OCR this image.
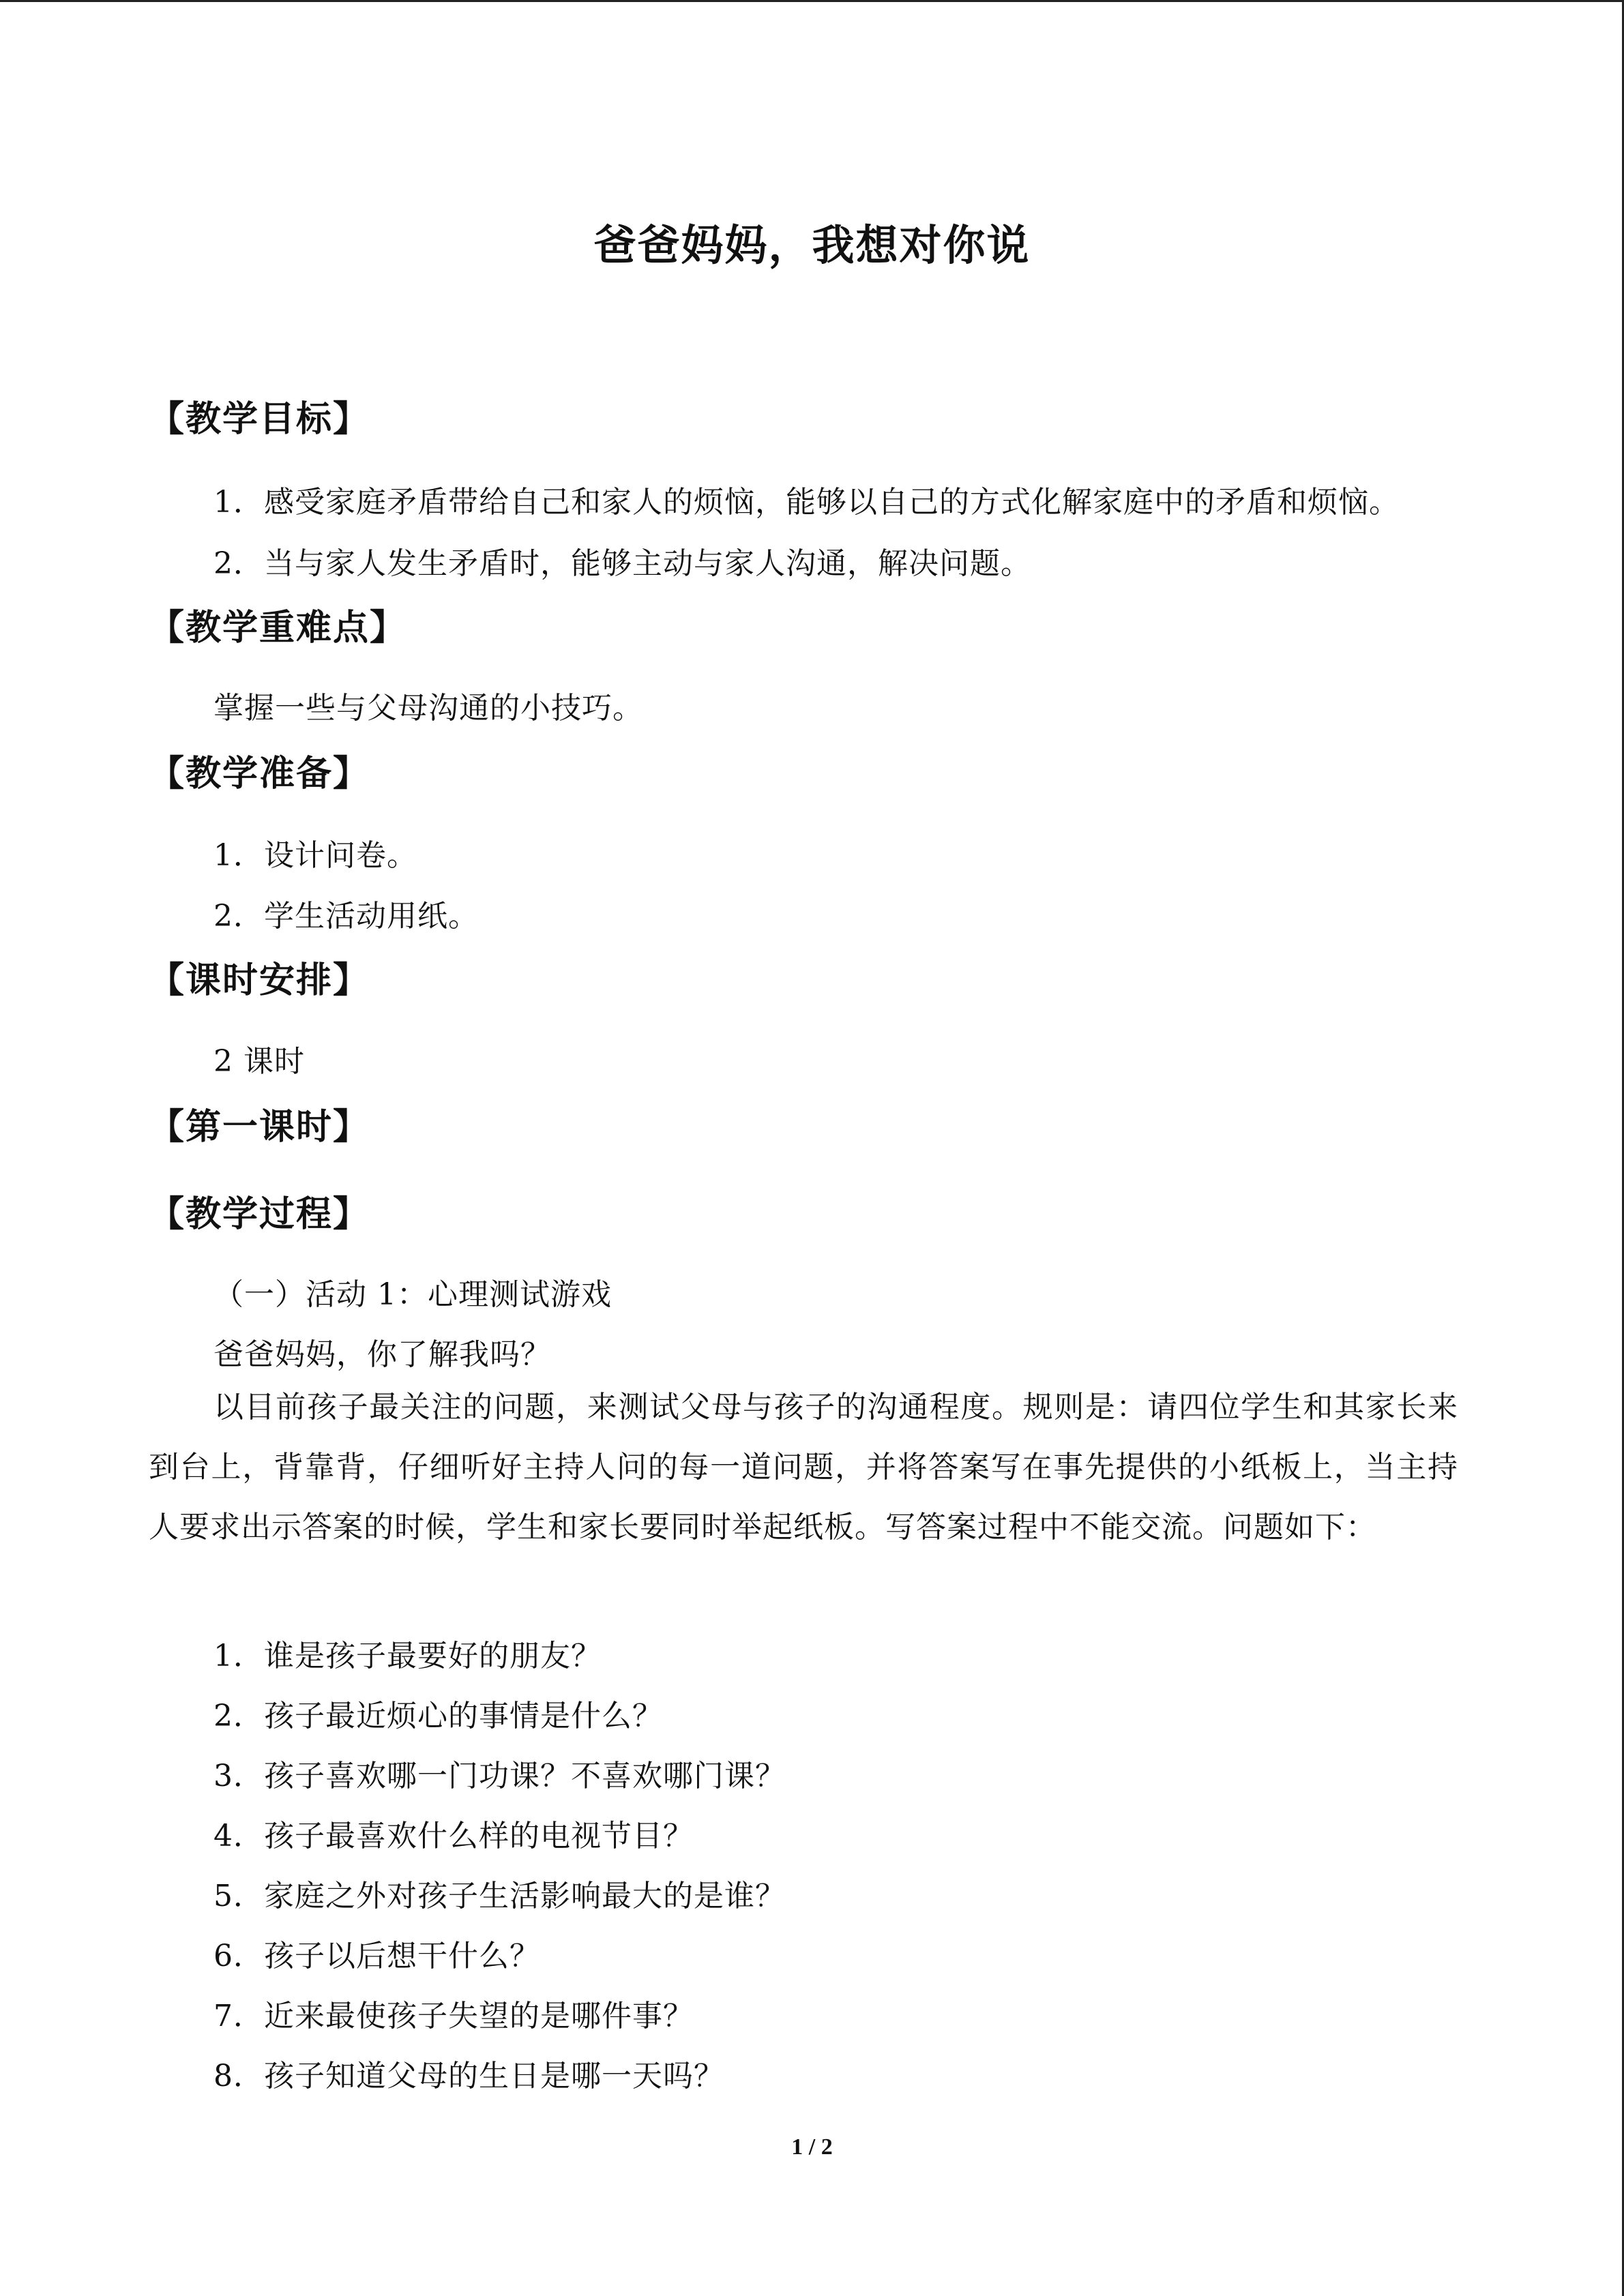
爸爸妈妈，我想对你说
【教学目标】
1．感受家庭矛盾带给自己和家人的烦恼，能够以自己的方式化解家庭中的矛盾和烦恼。
2．当与家人发生矛盾时，能够主动与家人沟通，解决问题。
【教学重难点】
掌握一些与父母沟通的小技巧。
【教学准备】
1．设计问卷。
2．学生活动用纸。
【课时安排】
2 课时
【第一课时】
【教学过程】
（一）活动 1：心理测试游戏
爸爸妈妈，你了解我吗？
以目前孩子最关注的问题，来测试父母与孩子的沟通程度。规则是：请四位学生和其家长来到台上，背靠背，仔细听好主持人问的每一道问题，并将答案写在事先提供的小纸板上，当主持人要求出示答案的时候，学生和家长要同时举起纸板。写答案过程中不能交流。问题如下：
1．谁是孩子最要好的朋友？
2．孩子最近烦心的事情是什么？
3．孩子喜欢哪一门功课？不喜欢哪门课？
4．孩子最喜欢什么样的电视节目？
5．家庭之外对孩子生活影响最大的是谁？
6．孩子以后想干什么？
7．近来最使孩子失望的是哪件事？
8．孩子知道父母的生日是哪一天吗？
1 / 2
